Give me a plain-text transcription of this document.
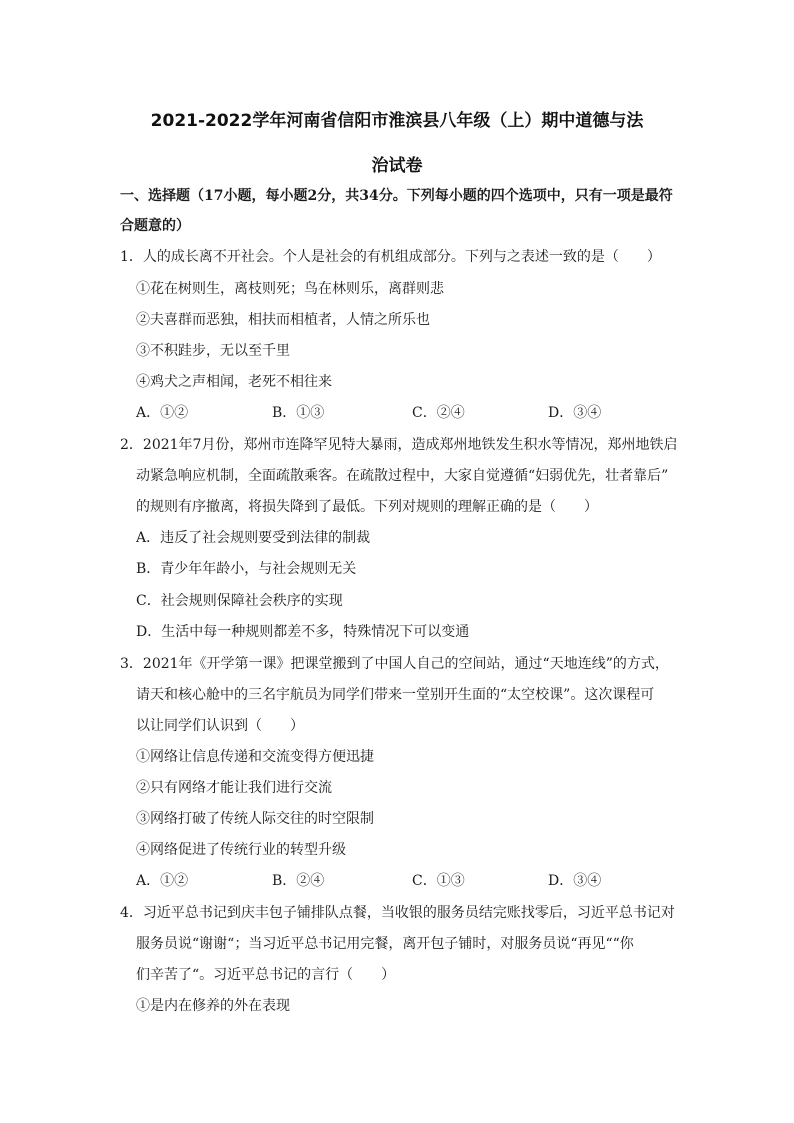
2021-2022学年河南省信阳市淮滨县八年级（上）期中道德与法
治试卷
一、选择题（17小题，每小题2分，共34分。下列每小题的四个选项中，只有一项是最符
合题意的）
1．人的成长离不开社会。个人是社会的有机组成部分。下列与之表述一致的是（　　）
①花在树则生，离枝则死；鸟在林则乐，离群则悲
②夫喜群而恶独，相扶而相植者，人情之所乐也
③不积跬步，无以至千里
④鸡犬之声相闻，老死不相往来
A．①②	B．①③	C．②④	D．③④
2．2021年7月份，郑州市连降罕见特大暴雨，造成郑州地铁发生积水等情况，郑州地铁启
动紧急响应机制，全面疏散乘客。在疏散过程中，大家自觉遵循“妇弱优先，壮者靠后”
的规则有序撤离，将损失降到了最低。下列对规则的理解正确的是（　　）
A．违反了社会规则要受到法律的制裁
B．青少年年龄小，与社会规则无关
C．社会规则保障社会秩序的实现
D．生活中每一种规则都差不多，特殊情况下可以变通
3．2021年《开学第一课》把课堂搬到了中国人自己的空间站，通过“天地连线”的方式，
请天和核心舱中的三名宇航员为同学们带来一堂别开生面的“太空校课”。这次课程可
以让同学们认识到（　　）
①网络让信息传递和交流变得方便迅捷
②只有网络才能让我们进行交流
③网络打破了传统人际交往的时空限制
④网络促进了传统行业的转型升级
A．①②	B．②④	C．①③	D．③④
4．习近平总书记到庆丰包子铺排队点餐，当收银的服务员结完账找零后，习近平总书记对
服务员说“谢谢“；当习近平总书记用完餐，离开包子铺时，对服务员说“再见““你
们辛苦了“。习近平总书记的言行（　　）
①是内在修养的外在表现
